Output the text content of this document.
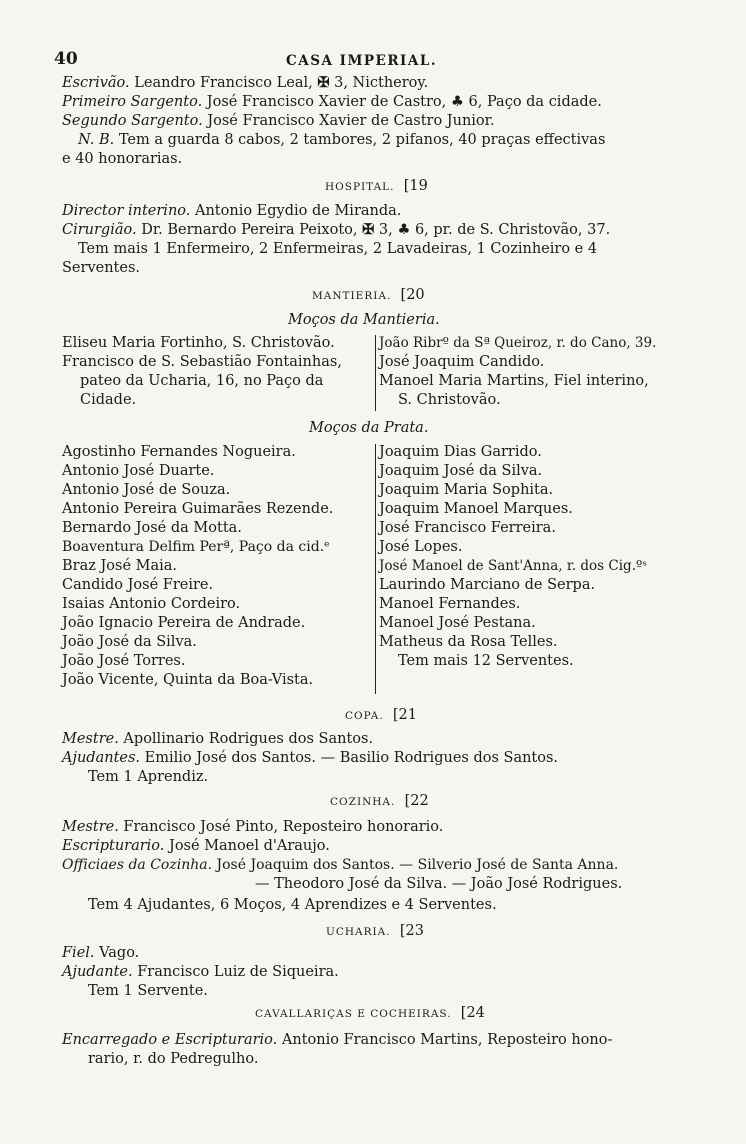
40	CASA IMPERIAL.
Escrivão. Leandro Francisco Leal, ✠ 3, Nictheroy.
Primeiro Sargento. José Francisco Xavier de Castro, ♣ 6, Paço da cidade.
Segundo Sargento. José Francisco Xavier de Castro Junior.
N. B. Tem a guarda 8 cabos, 2 tambores, 2 pifanos, 40 praças effectivas
e 40 honorarias.
HOSPITAL. [19
Director interino. Antonio Egydio de Miranda.
Cirurgião. Dr. Bernardo Pereira Peixoto, ✠ 3, ♣ 6, pr. de S. Christovão, 37.
Tem mais 1 Enfermeiro, 2 Enfermeiras, 2 Lavadeiras, 1 Cozinheiro e 4
Serventes.
MANTIERIA. [20
Moços da Mantieria.
Eliseu Maria Fortinho, S. Christovão.
Francisco de S. Sebastião Fontainhas,
pateo da Ucharia, 16, no Paço da
Cidade.
João Ribrº da Sª Queiroz, r. do Cano, 39.
José Joaquim Candido.
Manoel Maria Martins, Fiel interino,
S. Christovão.
Moços da Prata.
Agostinho Fernandes Nogueira.
Antonio José Duarte.
Antonio José de Souza.
Antonio Pereira Guimarães Rezende.
Bernardo José da Motta.
Boaventura Delfim Perª, Paço da cid.ᵉ
Braz José Maia.
Candido José Freire.
Isaias Antonio Cordeiro.
João Ignacio Pereira de Andrade.
João José da Silva.
João José Torres.
João Vicente, Quinta da Boa-Vista.
Joaquim Dias Garrido.
Joaquim José da Silva.
Joaquim Maria Sophita.
Joaquim Manoel Marques.
José Francisco Ferreira.
José Lopes.
José Manoel de Sant'Anna, r. dos Cig.ºˢ
Laurindo Marciano de Serpa.
Manoel Fernandes.
Manoel José Pestana.
Matheus da Rosa Telles.
Tem mais 12 Serventes.
COPA. [21
Mestre. Apollinario Rodrigues dos Santos.
Ajudantes. Emilio José dos Santos. — Basilio Rodrigues dos Santos.
Tem 1 Aprendiz.
COZINHA. [22
Mestre. Francisco José Pinto, Reposteiro honorario.
Escripturario. José Manoel d'Araujo.
Officiaes da Cozinha. José Joaquim dos Santos. — Silverio José de Santa Anna.
— Theodoro José da Silva. — João José Rodrigues.
Tem 4 Ajudantes, 6 Moços, 4 Aprendizes e 4 Serventes.
UCHARIA. [23
Fiel. Vago.
Ajudante. Francisco Luiz de Siqueira.
Tem 1 Servente.
CAVALLARIÇAS E COCHEIRAS. [24
Encarregado e Escripturario. Antonio Francisco Martins, Reposteiro hono-
rario, r. do Pedregulho.
